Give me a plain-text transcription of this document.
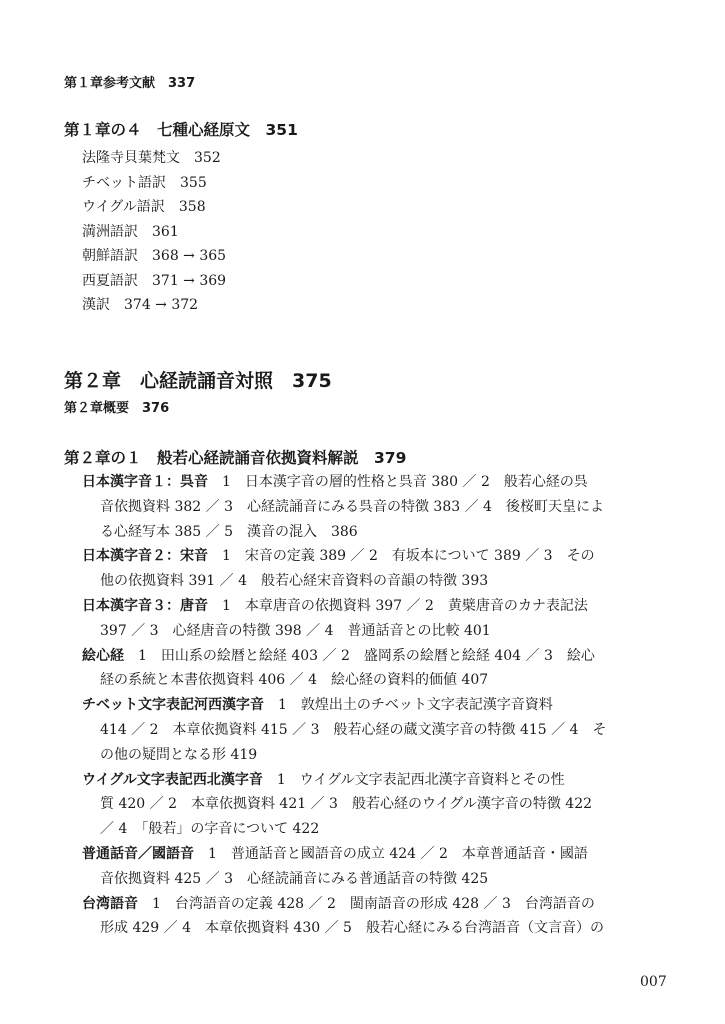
第１章参考文献　337
第１章の４　七種心経原文　351
法隆寺貝葉梵文　352
チベット語訳　355
ウイグル語訳　358
満洲語訳　361
朝鮮語訳　368 → 365
西夏語訳　371 → 369
漢訳　374 → 372
第２章　心経読誦音対照　375
第２章概要　376
第２章の１　般若心経読誦音依拠資料解説　379
日本漢字音１：呉音 1　日本漢字音の層的性格と呉音 380 ／ 2　般若心経の呉
音依拠資料 382 ／ 3　心経読誦音にみる呉音の特徴 383 ／ 4　後桜町天皇によ
る心経写本 385 ／ 5　漢音の混入　386
日本漢字音２：宋音 1　宋音の定義 389 ／ 2　有坂本について 389 ／ 3　その
他の依拠資料 391 ／ 4　般若心経宋音資料の音韻の特徴 393
日本漢字音３：唐音 1　本章唐音の依拠資料 397 ／ 2　黄檗唐音のカナ表記法
397 ／ 3　心経唐音の特徴 398 ／ 4　普通話音との比較 401
絵心経 1　田山系の絵暦と絵経 403 ／ 2　盛岡系の絵暦と絵経 404 ／ 3　絵心
経の系統と本書依拠資料 406 ／ 4　絵心経の資料的価値 407
チベット文字表記河西漢字音 1　敦煌出土のチベット文字表記漢字音資料
414 ／ 2　本章依拠資料 415 ／ 3　般若心経の蔵文漢字音の特徴 415 ／ 4　そ
の他の疑問となる形 419
ウイグル文字表記西北漢字音 1　ウイグル文字表記西北漢字音資料とその性
質 420 ／ 2　本章依拠資料 421 ／ 3　般若心経のウイグル漢字音の特徴 422
／ 4　「般若」の字音について 422
普通話音／國語音 1　普通話音と國語音の成立 424 ／ 2　本章普通話音・國語
音依拠資料 425 ／ 3　心経読誦音にみる普通話音の特徴 425
台湾語音 1　台湾語音の定義 428 ／ 2　閩南語音の形成 428 ／ 3　台湾語音の
形成 429 ／ 4　本章依拠資料 430 ／ 5　般若心経にみる台湾語音（文言音）の
007
